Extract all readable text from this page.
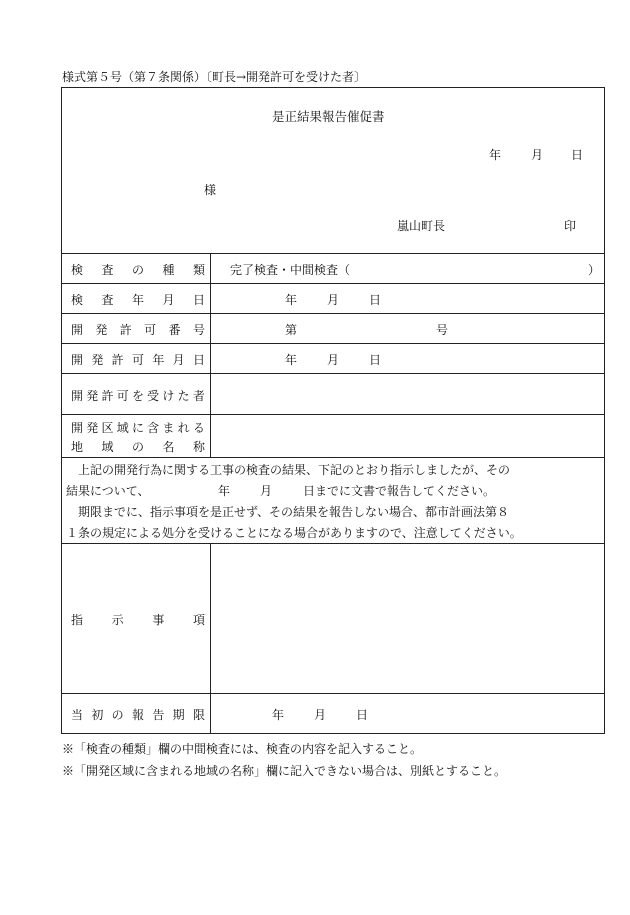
様式第５号（第７条関係）〔町長→開発許可を受けた者〕
是正結果報告催促書
年 月 日
様
嵐山町長	印
検 査 の 種 類 完了検査・中間検査（	）
検 査 年 月 日	年 月 日
開 発 許 可 番 号	第	号
開 発 許 可 年 月 日	年 月 日
開 発 許 可 を 受 け た 者
開 発 区 域 に 含 ま れ る
地 域 の 名 称
上記の開発行為に関する工事の検査の結果、下記のとおり指示しましたが、その
結果について、	年 月	日までに文書で報告してください。
期限までに、指示事項を是正せず、その結果を報告しない場合、都市計画法第８
１条の規定による処分を受けることになる場合がありますので、注意してください。
指 示 事 項
当 初 の 報 告 期 限	年 月 日
※「検査の種類」欄の中間検査には、検査の内容を記入すること。
※「開発区域に含まれる地域の名称」欄に記入できない場合は、別紙とすること。
